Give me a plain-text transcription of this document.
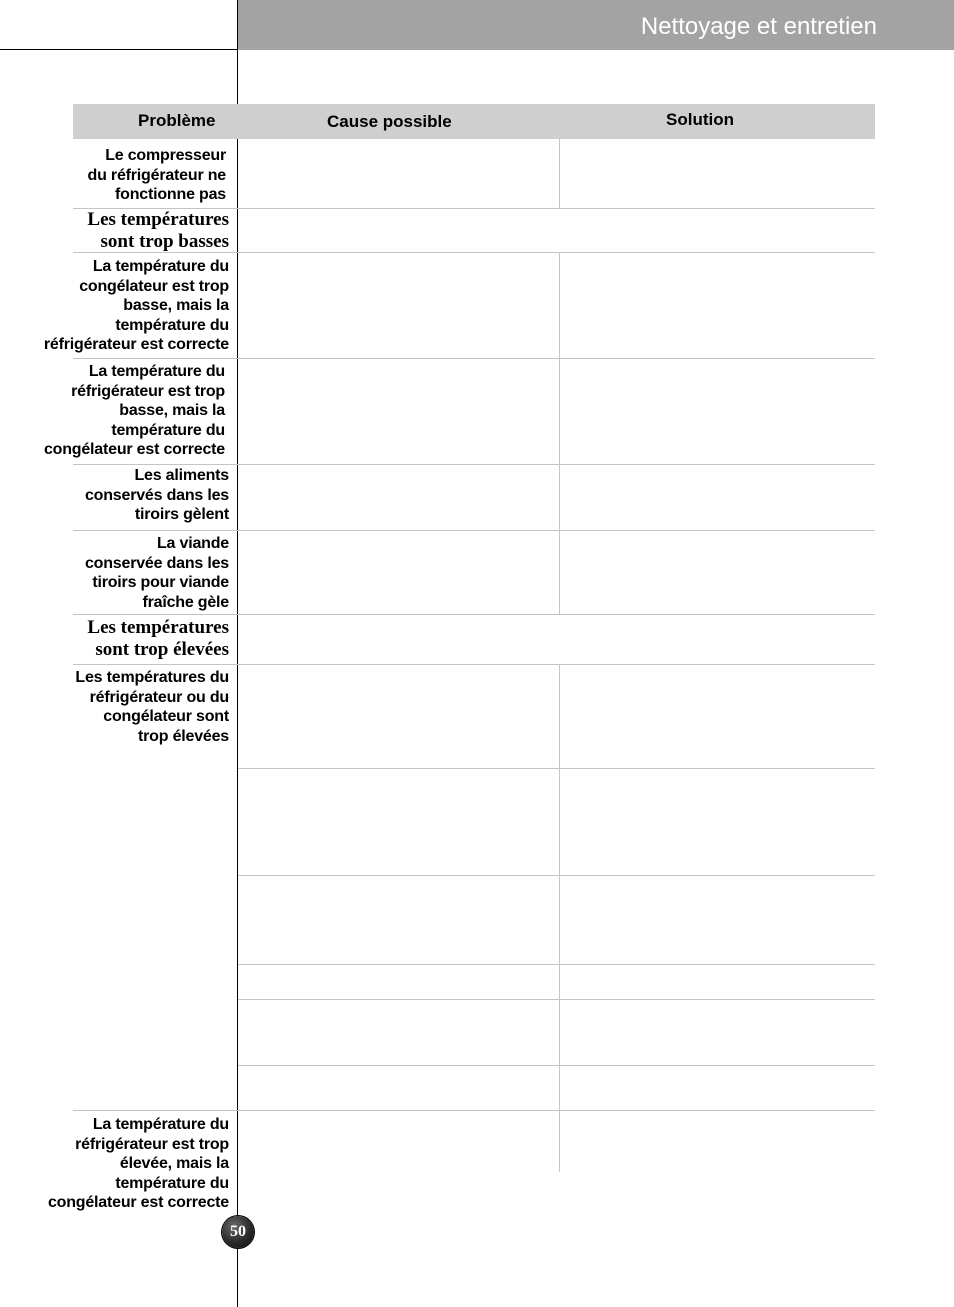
Nettoyage et entretien
Problème	Cause possible	Solution
Le compresseur
du réfrigérateur ne
fonctionne pas
Les températures
sont trop basses
La température du
congélateur est trop
basse, mais la
température du
réfrigérateur est correcte
La température du
réfrigérateur est trop
basse, mais la
température du
congélateur est correcte
Les aliments
conservés dans les
tiroirs gèlent
La viande
conservée dans les
tiroirs pour viande
fraîche gèle
Les températures
sont trop élevées
Les températures du
réfrigérateur ou du
congélateur sont
trop élevées
La température du
réfrigérateur est trop
élevée, mais la
température du
congélateur est correcte
50
